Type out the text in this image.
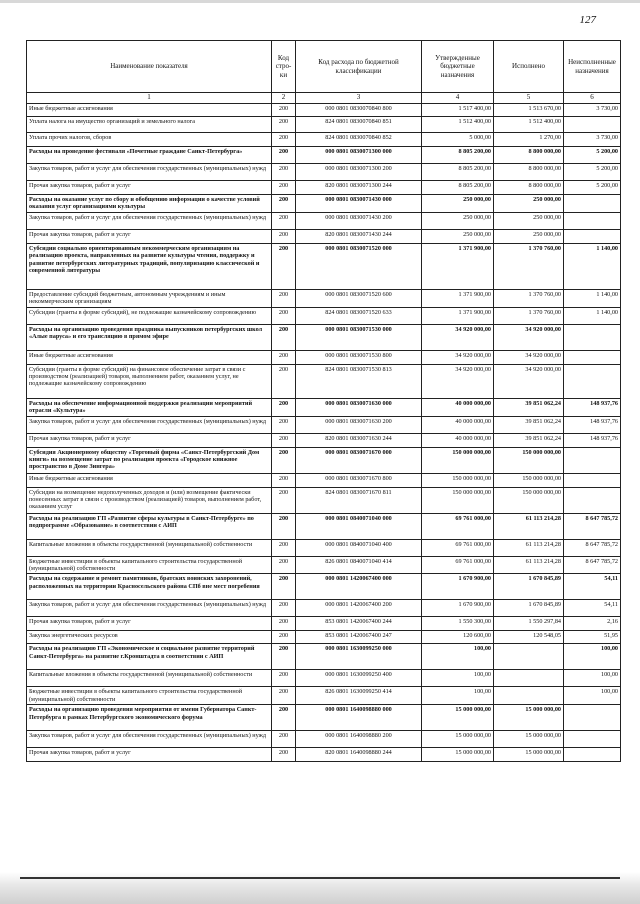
127
Наименование показателя	Код стро-ки	Код расхода по бюджетной классификации	Утвержденные бюджетные назначения	Исполнено	Неисполненные назначения
1	2	3	4	5	6
Иные бюджетные ассигнования	200	000 0801 0830070840 800	1 517 400,00	1 513 670,00	3 730,00
Уплата налога на имущество организаций и земельного налога	200	824 0801 0830070840 851	1 512 400,00	1 512 400,00	
Уплата прочих налогов, сборов	200	824 0801 0830070840 852	5 000,00	1 270,00	3 730,00
Расходы на проведение фестиваля «Почетные граждане Санкт-Петербурга»	200	000 0801 0830071300 000	8 805 200,00	8 800 000,00	5 200,00
Закупка товаров, работ и услуг для обеспечения государственных (муниципальных) нужд	200	000 0801 0830071300 200	8 805 200,00	8 800 000,00	5 200,00
Прочая закупка товаров, работ и услуг	200	820 0801 0830071300 244	8 805 200,00	8 800 000,00	5 200,00
Расходы на оказание услуг по сбору и обобщению информации о качестве условий оказания услуг организациями культуры	200	000 0801 0830071430 000	250 000,00	250 000,00	
Закупка товаров, работ и услуг для обеспечения государственных (муниципальных) нужд	200	000 0801 0830071430 200	250 000,00	250 000,00	
Прочая закупка товаров, работ и услуг	200	820 0801 0830071430 244	250 000,00	250 000,00	
Субсидии социально ориентированным некоммерческим организациям на реализацию проекта, направленных на развитие культуры чтения, поддержку и развитие петербургских литературных традиций, популяризацию классической и современной литературы	200	000 0801 0830071520 000	1 371 900,00	1 370 760,00	1 140,00
Предоставление субсидий бюджетным, автономным учреждениям и иным некоммерческим организациям	200	000 0801 0830071520 600	1 371 900,00	1 370 760,00	1 140,00
Субсидии (гранты в форме субсидий), не подлежащие казначейскому сопровождению	200	824 0801 0830071520 633	1 371 900,00	1 370 760,00	1 140,00
Расходы на организацию проведения праздника выпускников петербургских школ «Алые паруса» и его трансляцию в прямом эфире	200	000 0801 0830071530 000	34 920 000,00	34 920 000,00	
Иные бюджетные ассигнования	200	000 0801 0830071530 800	34 920 000,00	34 920 000,00	
Субсидии (гранты в форме субсидий) на финансовое обеспечение затрат в связи с производством (реализацией) товаров, выполнением работ, оказанием услуг, не подлежащие казначейскому сопровождению	200	824 0801 0830071530 813	34 920 000,00	34 920 000,00	
Расходы на обеспечение информационной поддержки реализации мероприятий отрасли «Культура»	200	000 0801 0830071630 000	40 000 000,00	39 851 062,24	148 937,76
Закупка товаров, работ и услуг для обеспечения государственных (муниципальных) нужд	200	000 0801 0830071630 200	40 000 000,00	39 851 062,24	148 937,76
Прочая закупка товаров, работ и услуг	200	820 0801 0830071630 244	40 000 000,00	39 851 062,24	148 937,76
Субсидия Акционерному обществу «Торговый фирма «Санкт-Петербургский Дом книги» на возмещение затрат по реализации проекта «Городское книжное пространство в Доме Зингера»	200	000 0801 0830071670 000	150 000 000,00	150 000 000,00	
Иные бюджетные ассигнования	200	000 0801 0830071670 800	150 000 000,00	150 000 000,00	
Субсидии на возмещение недополученных доходов и (или) возмещение фактически понесенных затрат в связи с производством (реализацией) товаров, выполнением работ, оказанием услуг	200	824 0801 0830071670 811	150 000 000,00	150 000 000,00	
Расходы на реализацию ГП «Развитие сферы культуры в Санкт-Петербурге» по подпрограмме «Образование» в соответствии с АИП	200	000 0801 0840071040 000	69 761 000,00	61 113 214,28	8 647 785,72
Капитальные вложения в объекты государственной (муниципальной) собственности	200	000 0801 0840071040 400	69 761 000,00	61 113 214,28	8 647 785,72
Бюджетные инвестиции в объекты капитального строительства государственной (муниципальной) собственности	200	826 0801 0840071040 414	69 761 000,00	61 113 214,28	8 647 785,72
Расходы на содержание и ремонт памятников, братских воинских захоронений, расположенных на территории Красносельского района СПб вне мест погребения	200	000 0801 1420067400 000	1 670 900,00	1 670 845,89	54,11
Закупка товаров, работ и услуг для обеспечения государственных (муниципальных) нужд	200	000 0801 1420067400 200	1 670 900,00	1 670 845,89	54,11
Прочая закупка товаров, работ и услуг	200	853 0801 1420067400 244	1 550 300,00	1 550 297,84	2,16
Закупка энергетических ресурсов	200	853 0801 1420067400 247	120 600,00	120 548,05	51,95
Расходы на реализацию ГП «Экономическое и социальное развитие территорий Санкт-Петербурга» на развитие г.Кронштадта в соответствии с АИП	200	000 0801 1630099250 000	100,00		100,00
Капитальные вложения в объекты государственной (муниципальной) собственности	200	000 0801 1630099250 400	100,00		100,00
Бюджетные инвестиции в объекты капитального строительства государственной (муниципальной) собственности	200	826 0801 1630099250 414	100,00		100,00
Расходы на организацию проведения мероприятия от имени Губернатора Санкт-Петербурга в рамках Петербургского экономического форума	200	000 0801 1640098880 000	15 000 000,00	15 000 000,00	
Закупка товаров, работ и услуг для обеспечения государственных (муниципальных) нужд	200	000 0801 1640098880 200	15 000 000,00	15 000 000,00	
Прочая закупка товаров, работ и услуг	200	820 0801 1640098880 244	15 000 000,00	15 000 000,00	
